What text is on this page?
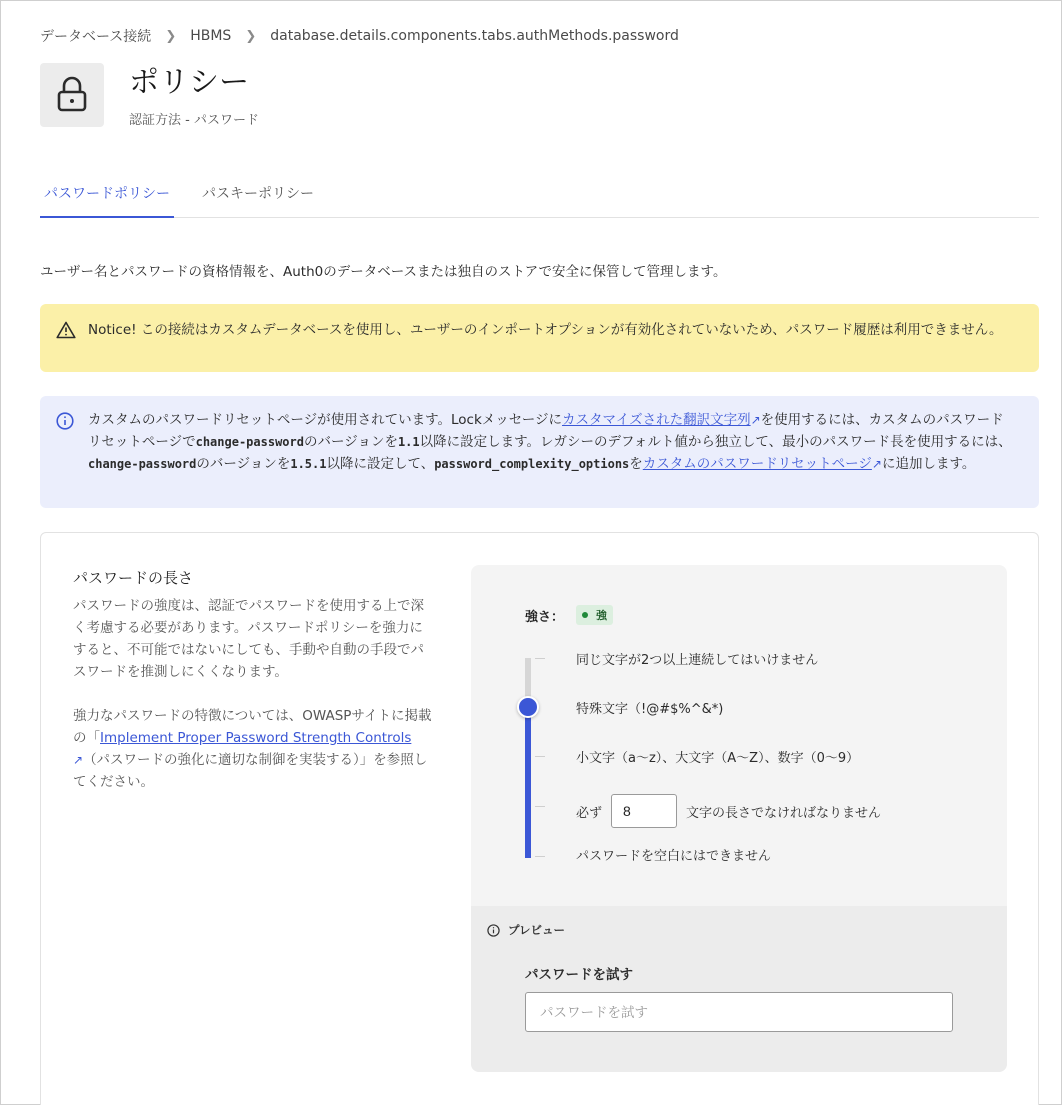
データベース接続 ❯ HBMS ❯ database.details.components.tabs.authMethods.password
ポリシー
認証方法 - パスワード
パスワードポリシー パスキーポリシー
ユーザー名とパスワードの資格情報を、Auth0のデータベースまたは独自のストアで安全に保管して管理します。
Notice! この接続はカスタムデータベースを使用し、ユーザーのインポートオプションが有効化されていないため、パスワード履歴は利用できません。
カスタムのパスワードリセットページが使用されています。Lockメッセージにカスタマイズされた翻訳文字列↗を使用するには、カスタムのパスワードリセットページでchange-passwordのバージョンを1.1以降に設定します。レガシーのデフォルト値から独立して、最小のパスワード長を使用するには、change-passwordのバージョンを1.5.1以降に設定して、password_complexity_optionsをカスタムのパスワードリセットページ↗に追加します。
パスワードの長さ
パスワードの強度は、認証でパスワードを使用する上で深く考慮する必要があります。パスワードポリシーを強力にすると、不可能ではないにしても、手動や自動の手段でパスワードを推測しにくくなります。
強力なパスワードの特徴については、OWASPサイトに掲載の「Implement Proper Password Strength Controls
↗（パスワードの強化に適切な制御を実装する）」を参照してください。
強さ：	強
同じ文字が2つ以上連続してはいけません
特殊文字（!@#$%^&*)
小文字（a～z）、大文字（A～Z）、数字（0～9）
必ず
8	文字の長さでなければなりません
パスワードを空白にはできません
プレビュー
パスワードを試す
パスワードを試す
